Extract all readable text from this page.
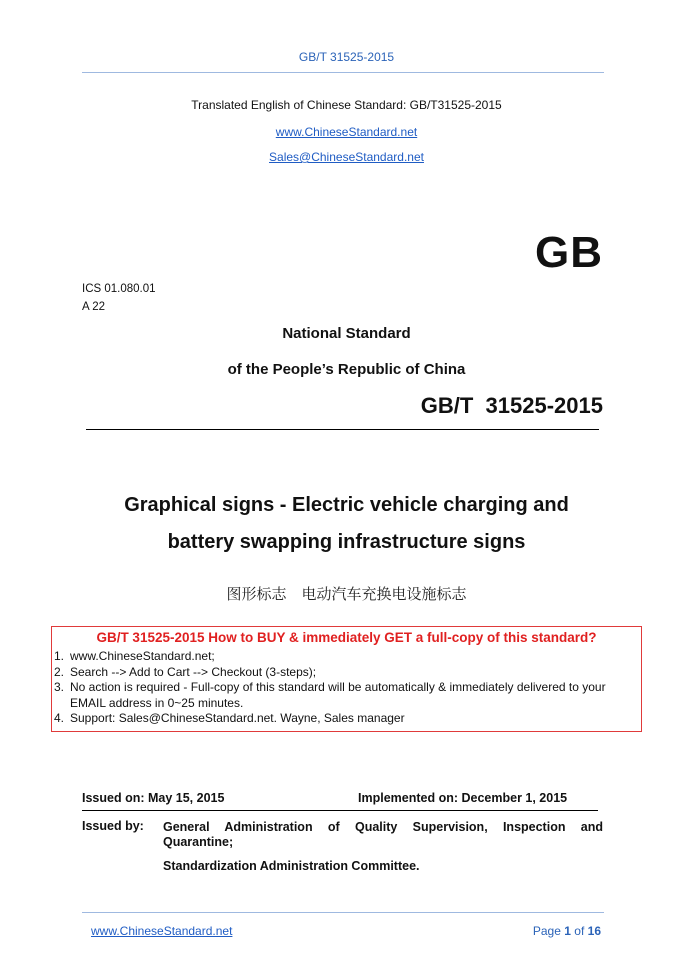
GB/T 31525-2015
Translated English of Chinese Standard: GB/T31525-2015
www.ChineseStandard.net
Sales@ChineseStandard.net
GB
ICS 01.080.01
A 22
National Standard
of the People’s Republic of China
GB/T  31525-2015
Graphical signs - Electric vehicle charging and
battery swapping infrastructure signs
图形标志　电动汽车充换电设施标志
GB/T 31525-2015 How to BUY & immediately GET a full-copy of this standard?
1. www.ChineseStandard.net;
2. Search --> Add to Cart --> Checkout (3-steps);
3. No action is required - Full-copy of this standard will be automatically & immediately delivered to your EMAIL address in 0~25 minutes.
4. Support: Sales@ChineseStandard.net. Wayne, Sales manager
Issued on: May 15, 2015	Implemented on: December 1, 2015
Issued by: General Administration of Quality Supervision, Inspection and
Quarantine;
Standardization Administration Committee.
www.ChineseStandard.net	Page 1 of 16
